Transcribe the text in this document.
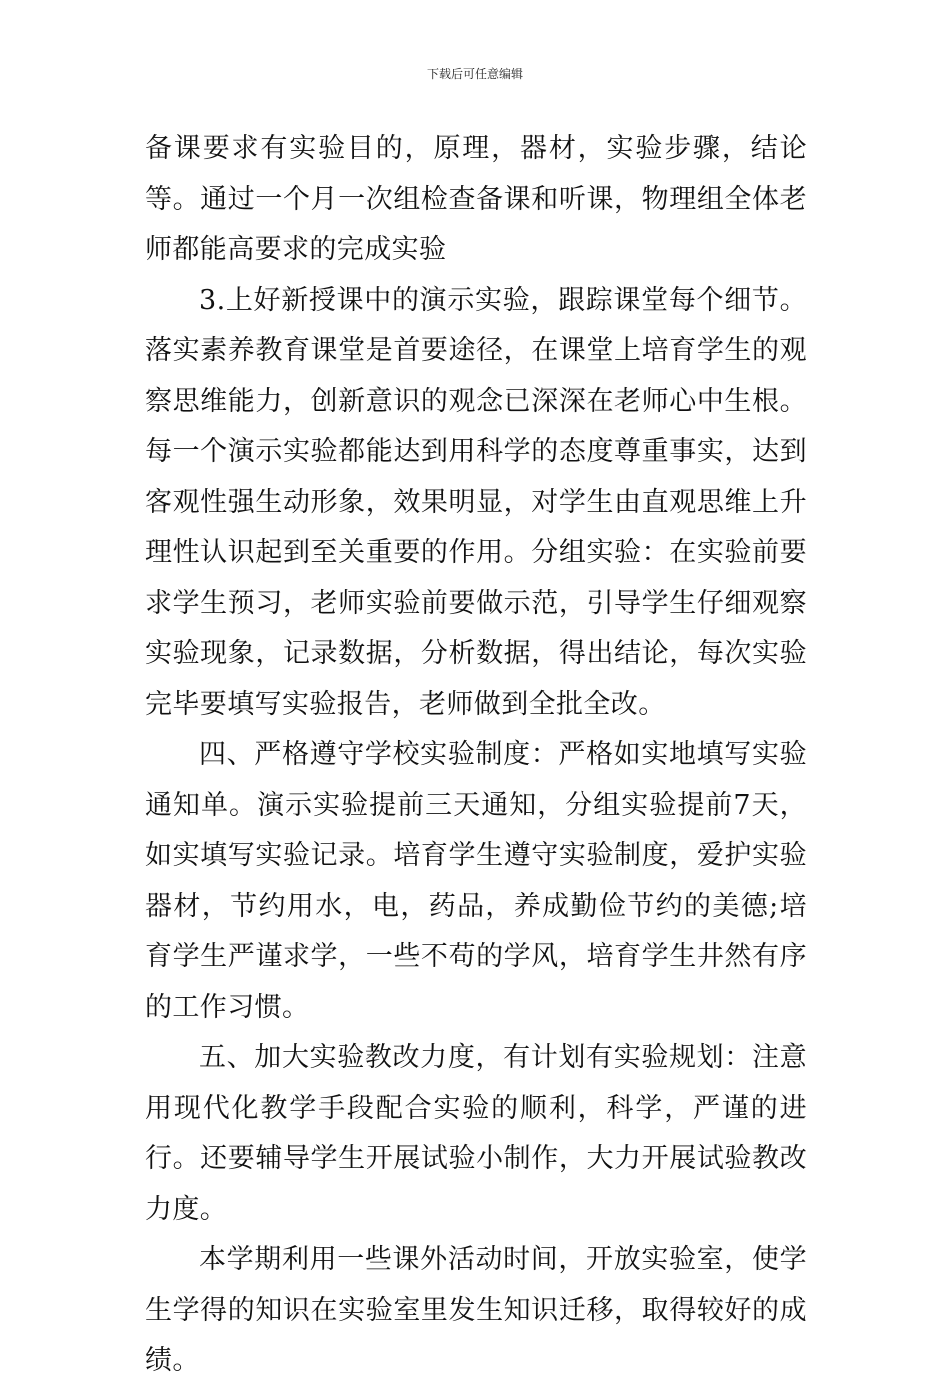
下载后可任意编辑

备课要求有实验目的，原理，器材，实验步骤，结论等。通过一个月一次组检查备课和听课，物理组全体老师都能高要求的完成实验

3.上好新授课中的演示实验，跟踪课堂每个细节。落实素养教育课堂是首要途径，在课堂上培育学生的观察思维能力，创新意识的观念已深深在老师心中生根。每一个演示实验都能达到用科学的态度尊重事实，达到客观性强生动形象，效果明显，对学生由直观思维上升理性认识起到至关重要的作用。分组实验：在实验前要求学生预习，老师实验前要做示范，引导学生仔细观察实验现象，记录数据，分析数据，得出结论，每次实验完毕要填写实验报告，老师做到全批全改。

四、严格遵守学校实验制度：严格如实地填写实验通知单。演示实验提前三天通知，分组实验提前7天，如实填写实验记录。培育学生遵守实验制度，爱护实验器材，节约用水，电，药品，养成勤俭节约的美德;培育学生严谨求学，一些不苟的学风，培育学生井然有序的工作习惯。

五、加大实验教改力度，有计划有实验规划：注意用现代化教学手段配合实验的顺利，科学，严谨的进行。还要辅导学生开展试验小制作，大力开展试验教改力度。

本学期利用一些课外活动时间，开放实验室，使学生学得的知识在实验室里发生知识迁移，取得较好的成绩。
